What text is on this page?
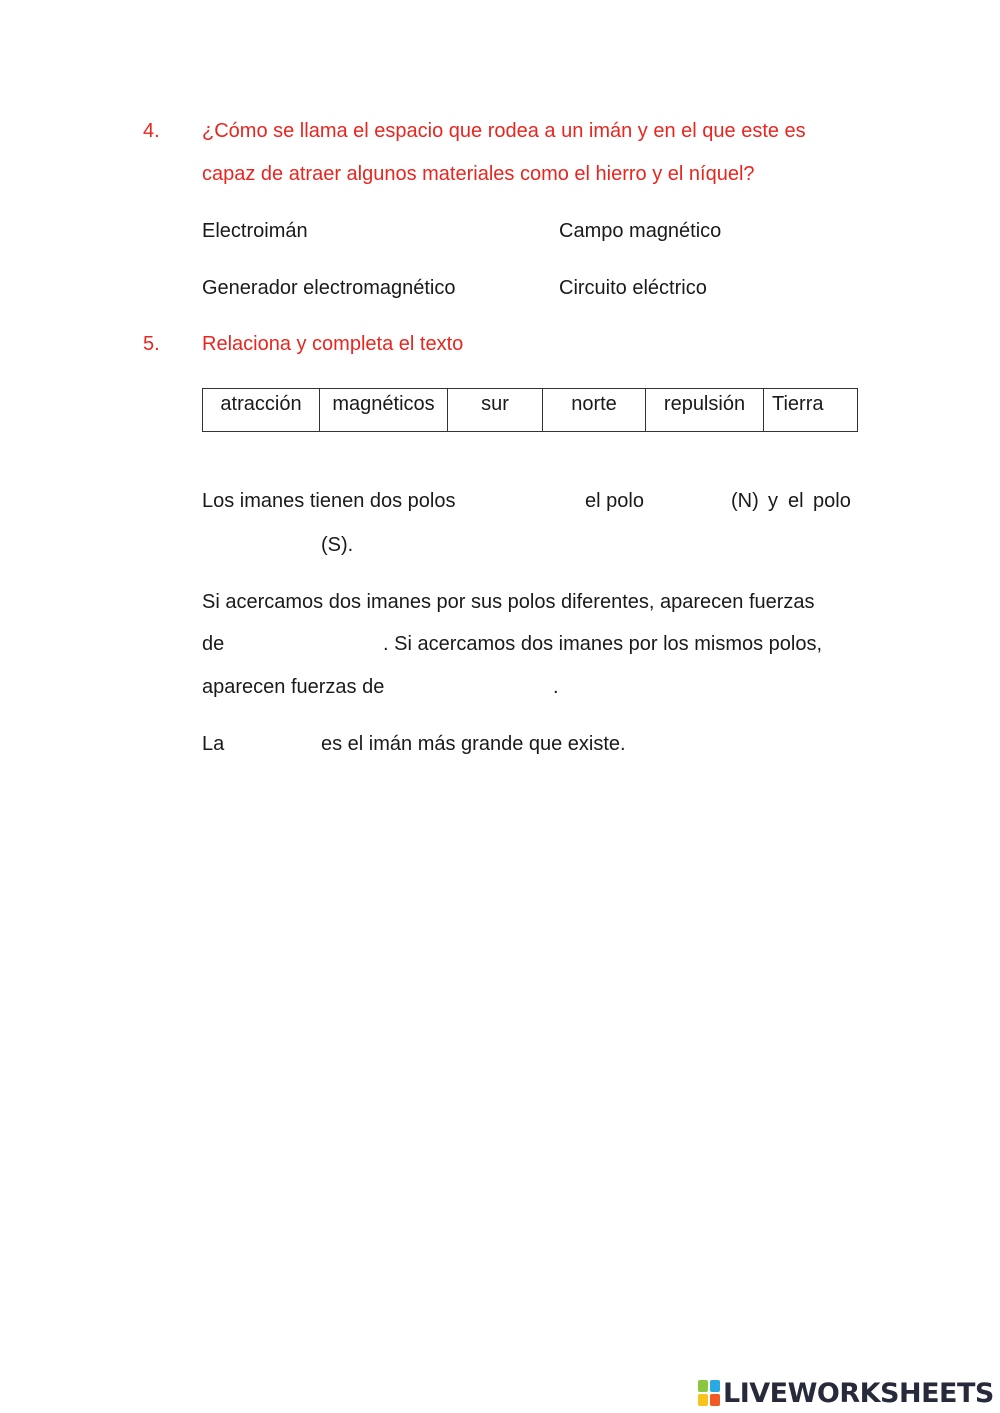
4. ¿Cómo se llama el espacio que rodea a un imán y en el que este es
capaz de atraer algunos materiales como el hierro y el níquel?
Electroimán	Campo magnético
Generador electromagnético	Circuito eléctrico
5. Relaciona y completa el texto
atracción	magnéticos	sur	norte	repulsión	Tierra
Los imanes tienen dos polos	el polo	(N) y el polo
(S).
Si acercamos dos imanes por sus polos diferentes, aparecen fuerzas
de	. Si acercamos dos imanes por los mismos polos,
aparecen fuerzas de	.
La	es el imán más grande que existe.
LIVEWORKSHEETS
